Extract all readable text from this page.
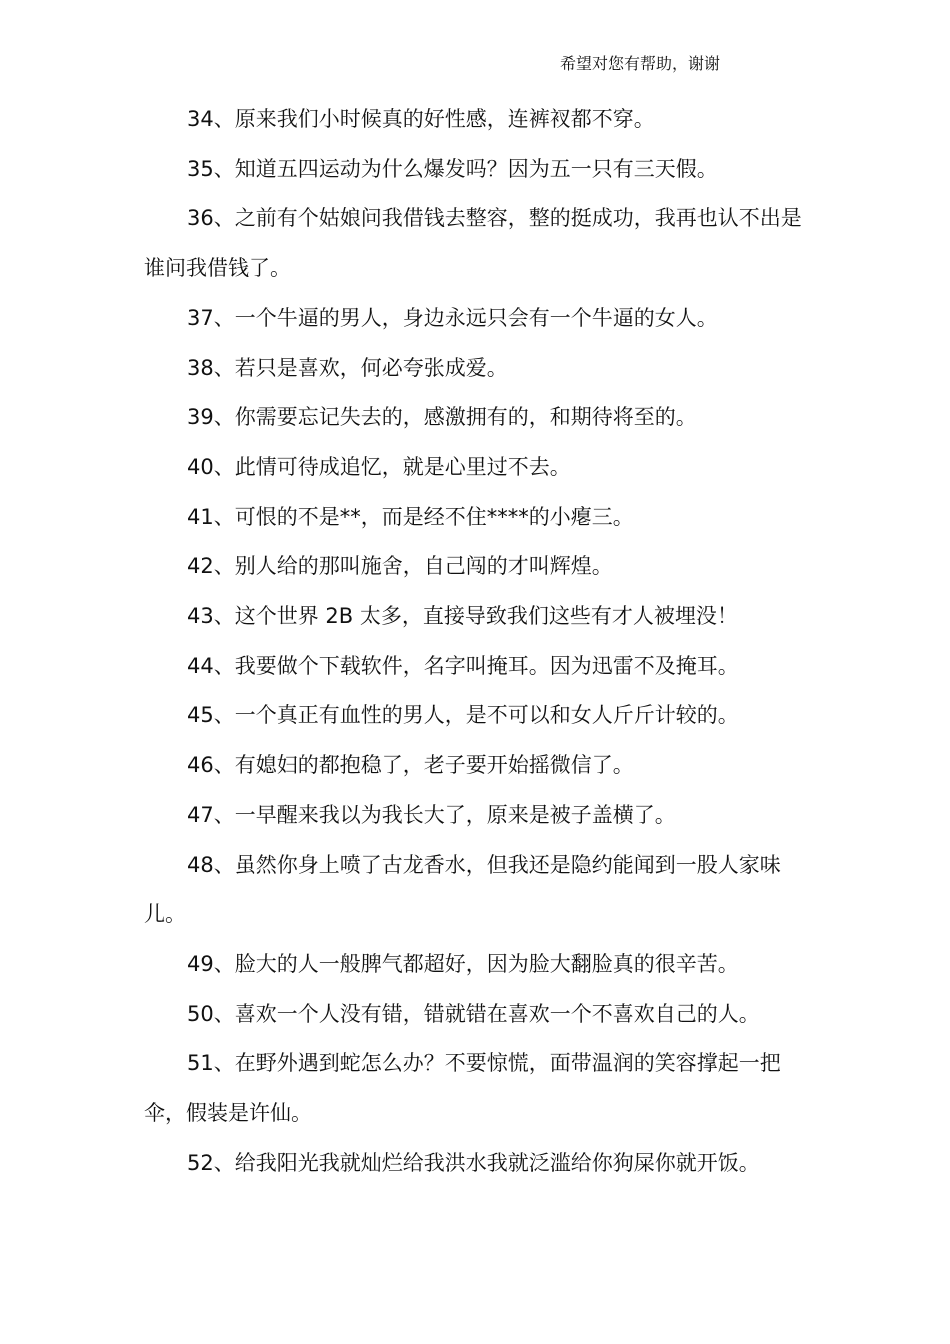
希望对您有帮助，谢谢

34、原来我们小时候真的好性感，连裤衩都不穿。

35、知道五四运动为什么爆发吗？因为五一只有三天假。

36、之前有个姑娘问我借钱去整容，整的挺成功，我再也认不出是谁问我借钱了。

37、一个牛逼的男人，身边永远只会有一个牛逼的女人。

38、若只是喜欢，何必夸张成爱。

39、你需要忘记失去的，感激拥有的，和期待将至的。

40、此情可待成追忆，就是心里过不去。

41、可恨的不是**，而是经不住****的小瘪三。

42、别人给的那叫施舍，自己闯的才叫辉煌。

43、这个世界 2B 太多，直接导致我们这些有才人被埋没！

44、我要做个下载软件，名字叫掩耳。因为迅雷不及掩耳。

45、一个真正有血性的男人，是不可以和女人斤斤计较的。

46、有媳妇的都抱稳了，老子要开始摇微信了。

47、一早醒来我以为我长大了，原来是被子盖横了。

48、虽然你身上喷了古龙香水，但我还是隐约能闻到一股人家味儿。

49、脸大的人一般脾气都超好，因为脸大翻脸真的很辛苦。

50、喜欢一个人没有错，错就错在喜欢一个不喜欢自己的人。

51、在野外遇到蛇怎么办？不要惊慌，面带温润的笑容撑起一把伞，假装是许仙。

52、给我阳光我就灿烂给我洪水我就泛滥给你狗屎你就开饭。
